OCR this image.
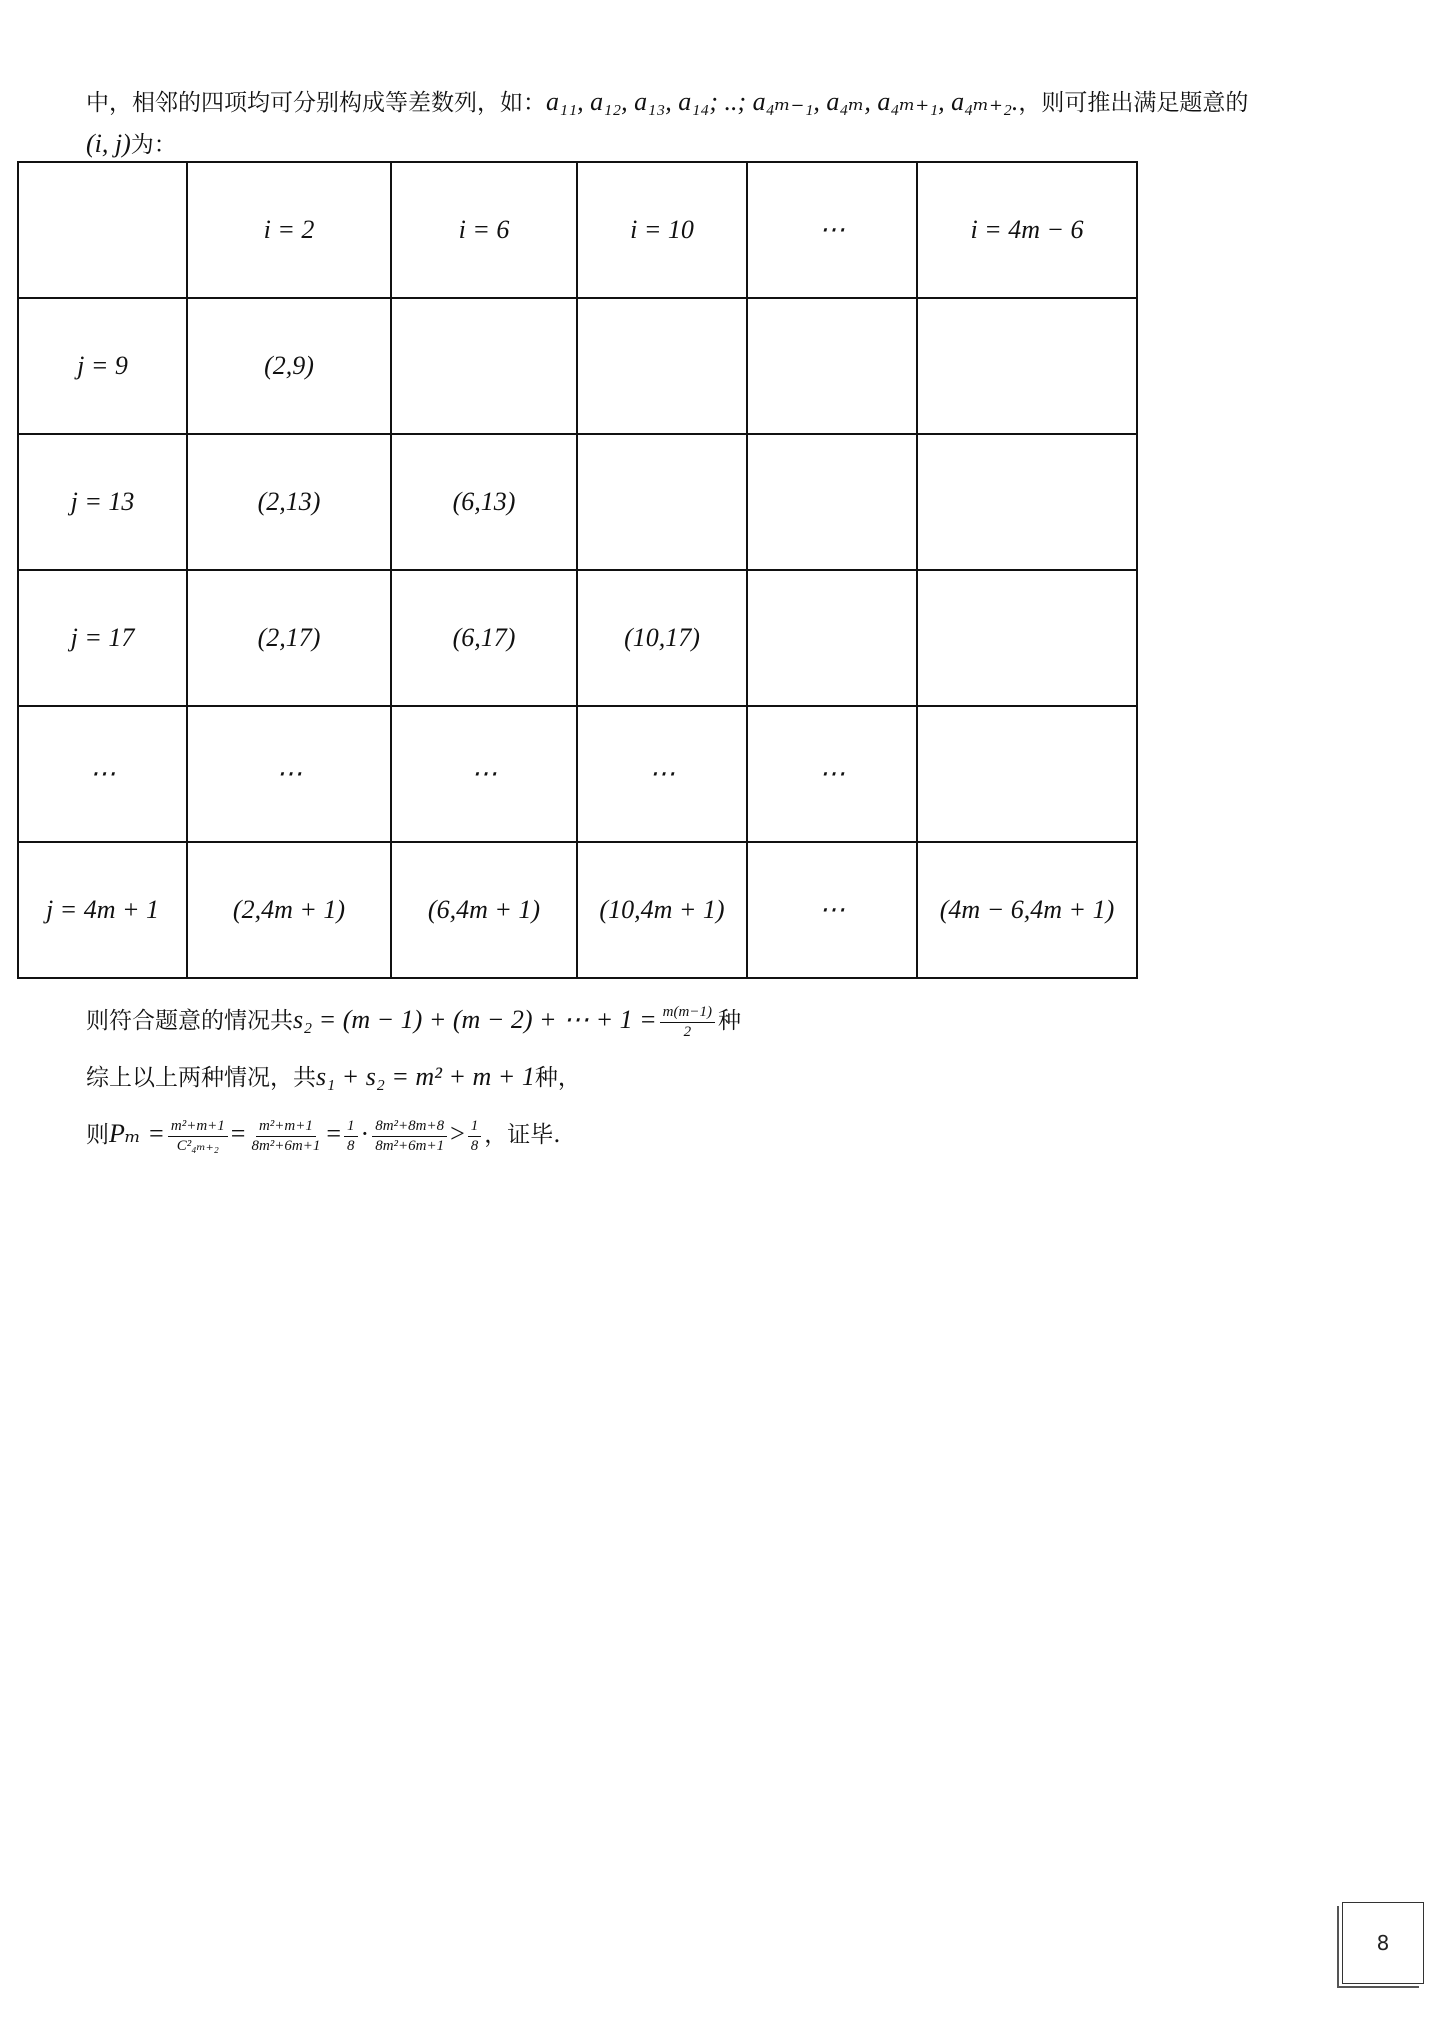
中，相邻的四项均可分别构成等差数列，如：a₁₁, a₁₂, a₁₃, a₁₄; ..; a₄ₘ₋₁, a₄ₘ, a₄ₘ₊₁, a₄ₘ₊₂.，则可推出满足题意的
(i, j)为：
	i = 2	i = 6	i = 10	⋯	i = 4m − 6
j = 9	(2,9)				
j = 13	(2,13)	(6,13)			
j = 17	(2,17)	(6,17)	(10,17)		
⋯	⋯	⋯	⋯	⋯	
j = 4m + 1	(2,4m + 1)	(6,4m + 1)	(10,4m + 1)	⋯	(4m − 6,4m + 1)
则符合题意的情况共s₂ = (m − 1) + (m − 2) + ⋯ + $1 = \frac{m(m-1)}{2}$ 种
综上以上两种情况，共s₁ + s₂ = m² + m + 1种，
则$P_m = \frac{\text{m²+m+1}}{\text{C²₄ₘ₊₂}} = \frac{\text{m²+m+1}}{\text{8m²+6m+1}} = \frac{1}{8} \cdot \frac{\text{8m²+8m+8}}{\text{8m²+6m+1}} > \frac{1}{8}$ ，证毕.
8
